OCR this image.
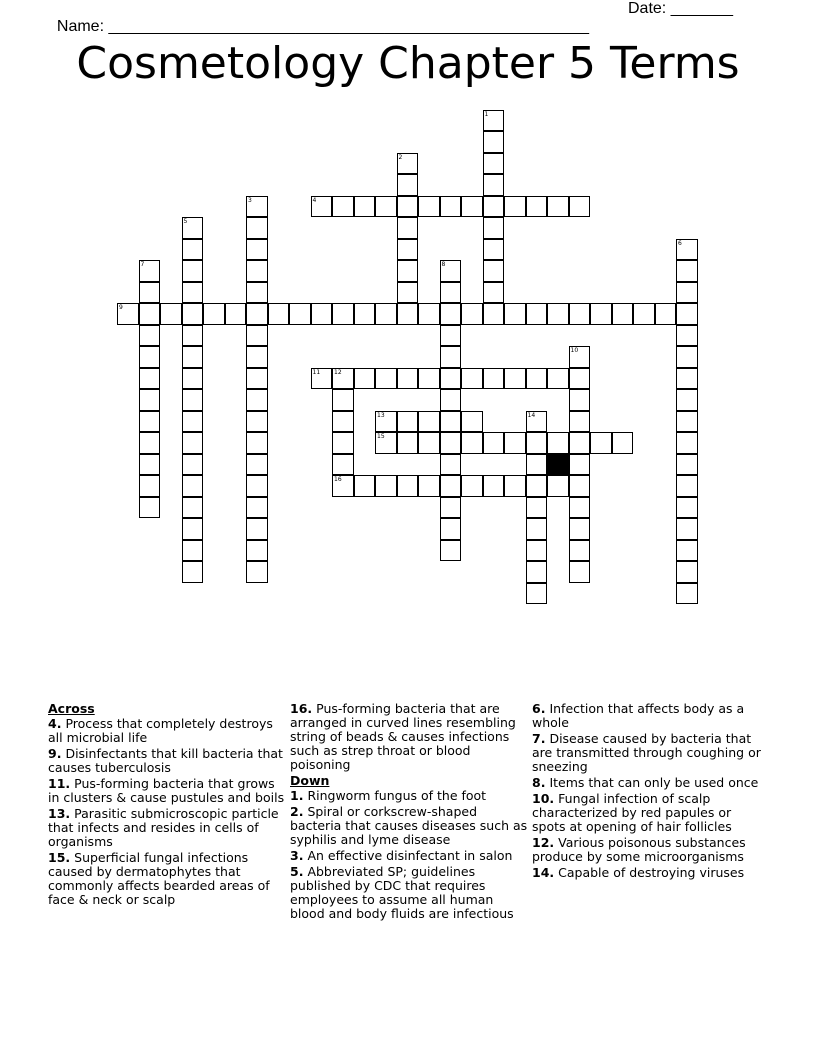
Name: ______________________________________________________

Date: _______

Cosmetology Chapter 5 Terms
4
9
11 12
13
15
16
1
2
3
5
6
7	8
10
14
Across
4. Process that completely destroys all microbial life
9. Disinfectants that kill bacteria that causes tuberculosis
11. Pus-forming bacteria that grows in clusters & cause pustules and boils
13. Parasitic submicroscopic particle that infects and resides in cells of organisms
15. Superficial fungal infections caused by dermatophytes that commonly affects bearded areas of face & neck or scalp
16. Pus-forming bacteria that are arranged in curved lines resembling string of beads & causes infections such as strep throat or blood poisoning
Down
1. Ringworm fungus of the foot
2. Spiral or corkscrew-shaped bacteria that causes diseases such as syphilis and lyme disease
3. An effective disinfectant in salon
5. Abbreviated SP; guidelines published by CDC that requires employees to assume all human blood and body fluids are infectious
6. Infection that affects body as a whole
7. Disease caused by bacteria that are transmitted through coughing or sneezing
8. Items that can only be used once
10. Fungal infection of scalp characterized by red papules or spots at opening of hair follicles
12. Various poisonous substances produce by some microorganisms
14. Capable of destroying viruses
